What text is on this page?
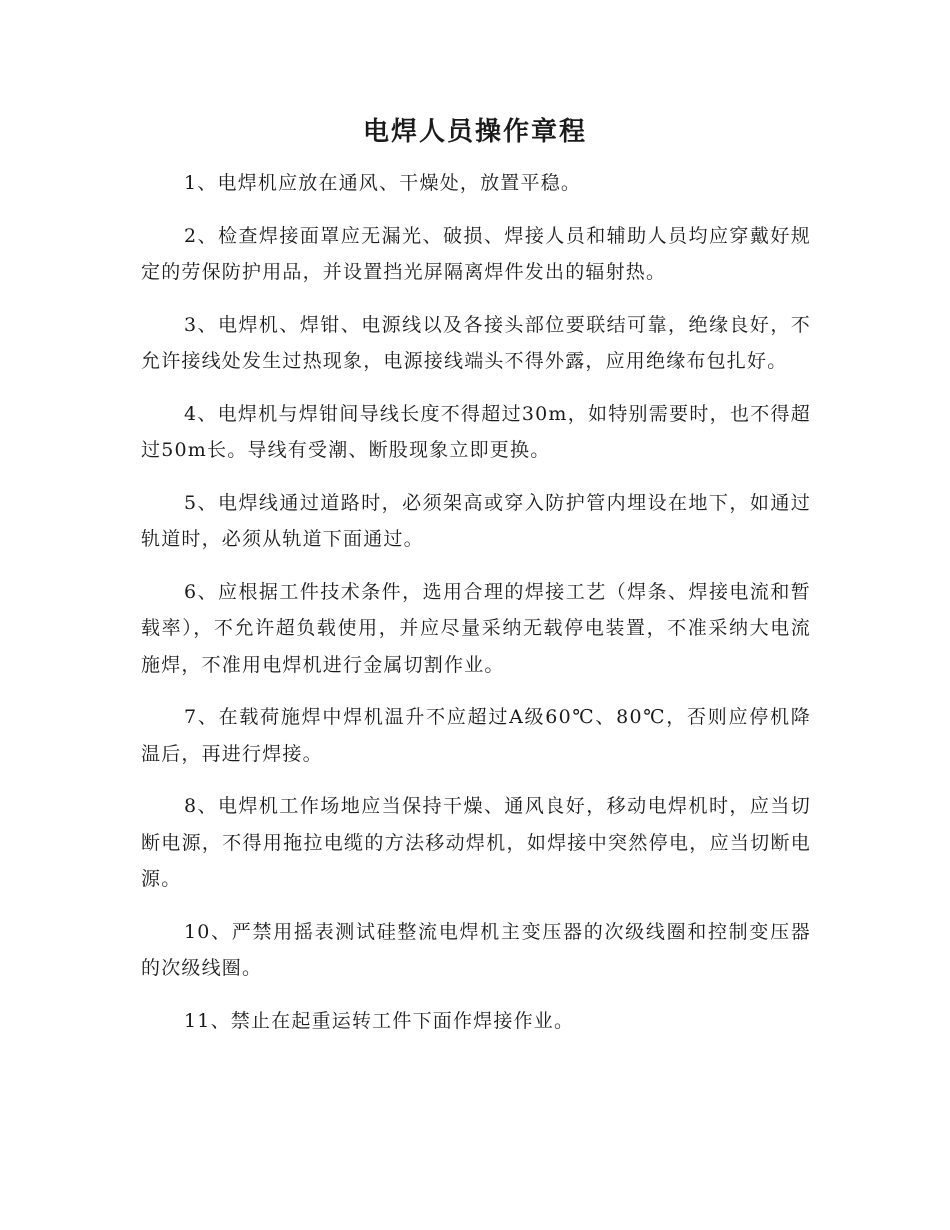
电焊人员操作章程

1、电焊机应放在通风、干燥处，放置平稳。

2、检查焊接面罩应无漏光、破损、焊接人员和辅助人员均应穿戴好规定的劳保防护用品，并设置挡光屏隔离焊件发出的辐射热。

3、电焊机、焊钳、电源线以及各接头部位要联结可靠，绝缘良好，不允许接线处发生过热现象，电源接线端头不得外露，应用绝缘布包扎好。

4、电焊机与焊钳间导线长度不得超过30m，如特别需要时，也不得超过50m长。导线有受潮、断股现象立即更换。

5、电焊线通过道路时，必须架高或穿入防护管内埋设在地下，如通过轨道时，必须从轨道下面通过。

6、应根据工件技术条件，选用合理的焊接工艺（焊条、焊接电流和暂载率），不允许超负载使用，并应尽量采纳无载停电装置，不准采纳大电流施焊，不准用电焊机进行金属切割作业。

7、在载荷施焊中焊机温升不应超过A级60℃、80℃，否则应停机降温后，再进行焊接。

8、电焊机工作场地应当保持干燥、通风良好，移动电焊机时，应当切断电源，不得用拖拉电缆的方法移动焊机，如焊接中突然停电，应当切断电源。

10、严禁用摇表测试硅整流电焊机主变压器的次级线圈和控制变压器的次级线圈。

11、禁止在起重运转工件下面作焊接作业。
